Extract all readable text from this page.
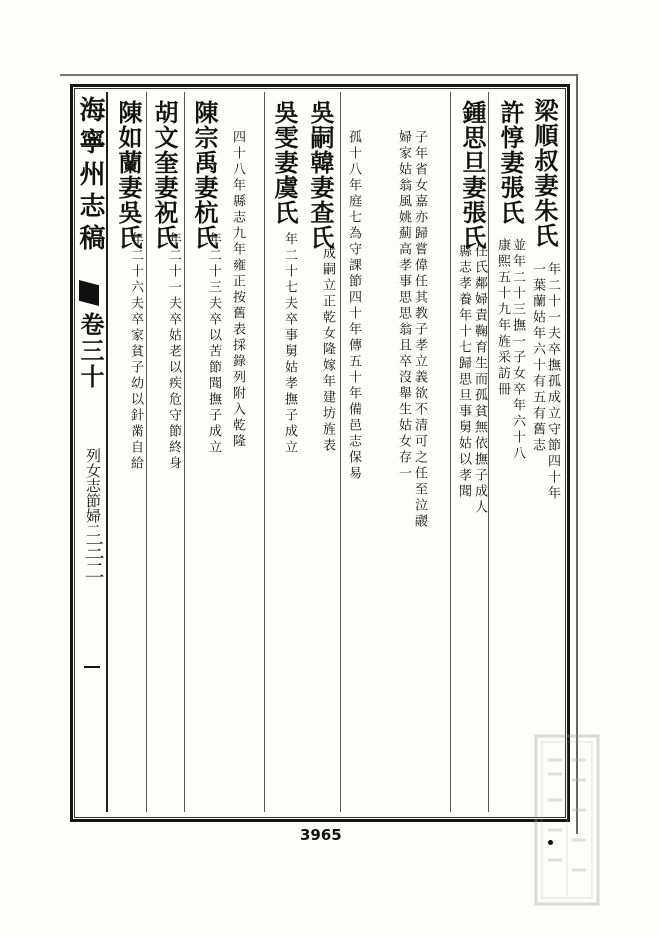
海寧州志稿
卷三十
列女志節婦二
三二
梁順叔妻朱氏
年二十一夫卒撫孤成立守節四十年
一葉蘭姑年六十有五有舊志
許惇妻張氏
並年二十三撫一子女卒年六十八
康熙五十九年旌采訪冊
鍾思旦妻張氏
任氏鄰婦責鞠育生而孤貧無依撫子成人
縣志孝養年十七歸思旦事舅姑以孝聞
子年省女嘉亦歸嘗偉任其教子孝立義欲不清可之任至泣鬷
婦家姑翁風姚薊高孝事思思翁且卒沒舉生姑女存一
孤十八年庭七為守課節四十年傳五十年備邑志保易
吳嗣韓妻查氏
成嗣立正乾女隆嫁年建坊旌表
吳雯妻虞氏
年二十七夫卒事舅姑孝撫子成立
四十八年縣志九年雍正按舊表採錄列附入乾隆
陳宗禹妻杭氏
年二十三夫卒以苦節聞撫子成立
胡文奎妻祝氏
年二十一夫卒姑老以疾危守節終身
陳如蘭妻吳氏
年二十六夫卒家貧子幼以針黹自給
3965
